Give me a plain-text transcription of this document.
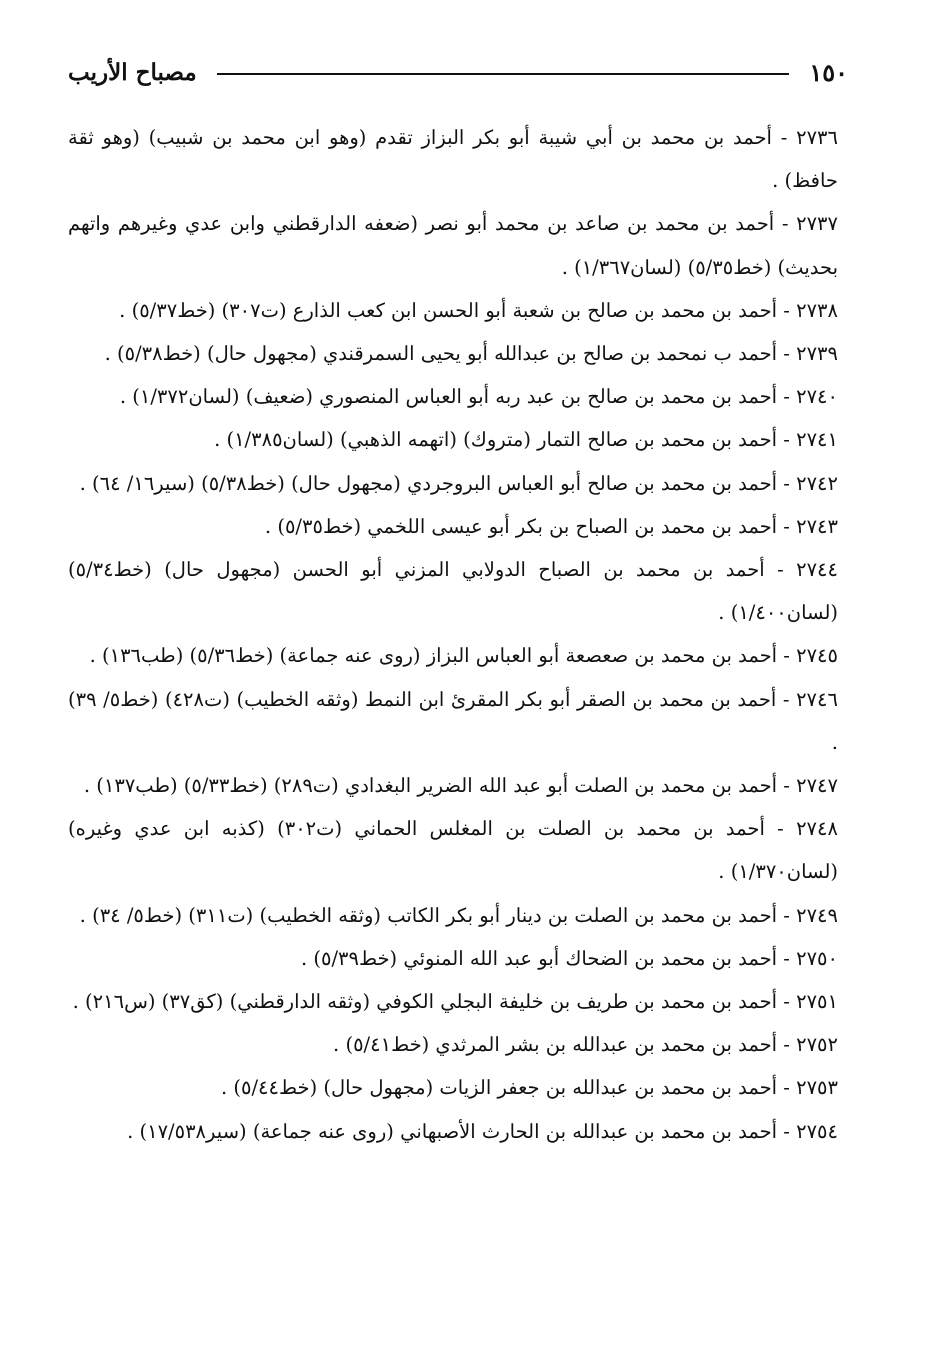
١٥٠
مصباح الأريب

٢٧٣٦ - أحمد بن محمد بن أبي شيبة أبو بكر البزاز تقدم (وهو ابن محمد بن شبيب) (وهو ثقة حافظ) .

٢٧٣٧ - أحمد بن محمد بن صاعد بن محمد أبو نصر (ضعفه الدارقطني وابن عدي وغيرهم واتهم بحديث) (خط٥/٣٥) (لسان١/٣٦٧) .

٢٧٣٨ - أحمد بن محمد بن صالح بن شعبة أبو الحسن ابن كعب الذارع (ت٣٠٧) (خط٥/٣٧) .

٢٧٣٩ - أحمد ب نمحمد بن صالح بن عبدالله أبو يحيى السمرقندي (مجهول حال) (خط٥/٣٨) .

٢٧٤٠ - أحمد بن محمد بن صالح بن عبد ربه أبو العباس المنصوري (ضعيف) (لسان١/٣٧٢) .

٢٧٤١ - أحمد بن محمد بن صالح التمار (متروك) (اتهمه الذهبي) (لسان١/٣٨٥) .

٢٧٤٢ - أحمد بن محمد بن صالح أبو العباس البروجردي (مجهول حال) (خط٥/٣٨) (سير١٦/ ٦٤) .

٢٧٤٣ - أحمد بن محمد بن الصباح بن بكر أبو عيسى اللخمي (خط٥/٣٥) .

٢٧٤٤ - أحمد بن محمد بن الصباح الدولابي المزني أبو الحسن (مجهول حال) (خط٥/٣٤) (لسان١/٤٠٠) .

٢٧٤٥ - أحمد بن محمد بن صعصعة أبو العباس البزاز (روى عنه جماعة) (خط٥/٣٦) (طب١٣٦) .

٢٧٤٦ - أحمد بن محمد بن الصقر أبو بكر المقرئ ابن النمط (وثقه الخطيب) (ت٤٢٨) (خط٥/ ٣٩) .

٢٧٤٧ - أحمد بن محمد بن الصلت أبو عبد الله الضرير البغدادي (ت٢٨٩) (خط٥/٣٣) (طب١٣٧) .

٢٧٤٨ - أحمد بن محمد بن الصلت بن المغلس الحماني (ت٣٠٢) (كذبه ابن عدي وغيره) (لسان١/٣٧٠) .

٢٧٤٩ - أحمد بن محمد بن الصلت بن دينار أبو بكر الكاتب (وثقه الخطيب) (ت٣١١) (خط٥/ ٣٤) .

٢٧٥٠ - أحمد بن محمد بن الضحاك أبو عبد الله المنوئي (خط٥/٣٩) .

٢٧٥١ - أحمد بن محمد بن طريف بن خليفة البجلي الكوفي (وثقه الدارقطني) (كق٣٧) (س٢١٦) .

٢٧٥٢ - أحمد بن محمد بن عبدالله بن بشر المرثدي (خط٥/٤١) .

٢٧٥٣ - أحمد بن محمد بن عبدالله بن جعفر الزيات (مجهول حال) (خط٥/٤٤) .

٢٧٥٤ - أحمد بن محمد بن عبدالله بن الحارث الأصبهاني (روى عنه جماعة) (سير١٧/٥٣٨) .
